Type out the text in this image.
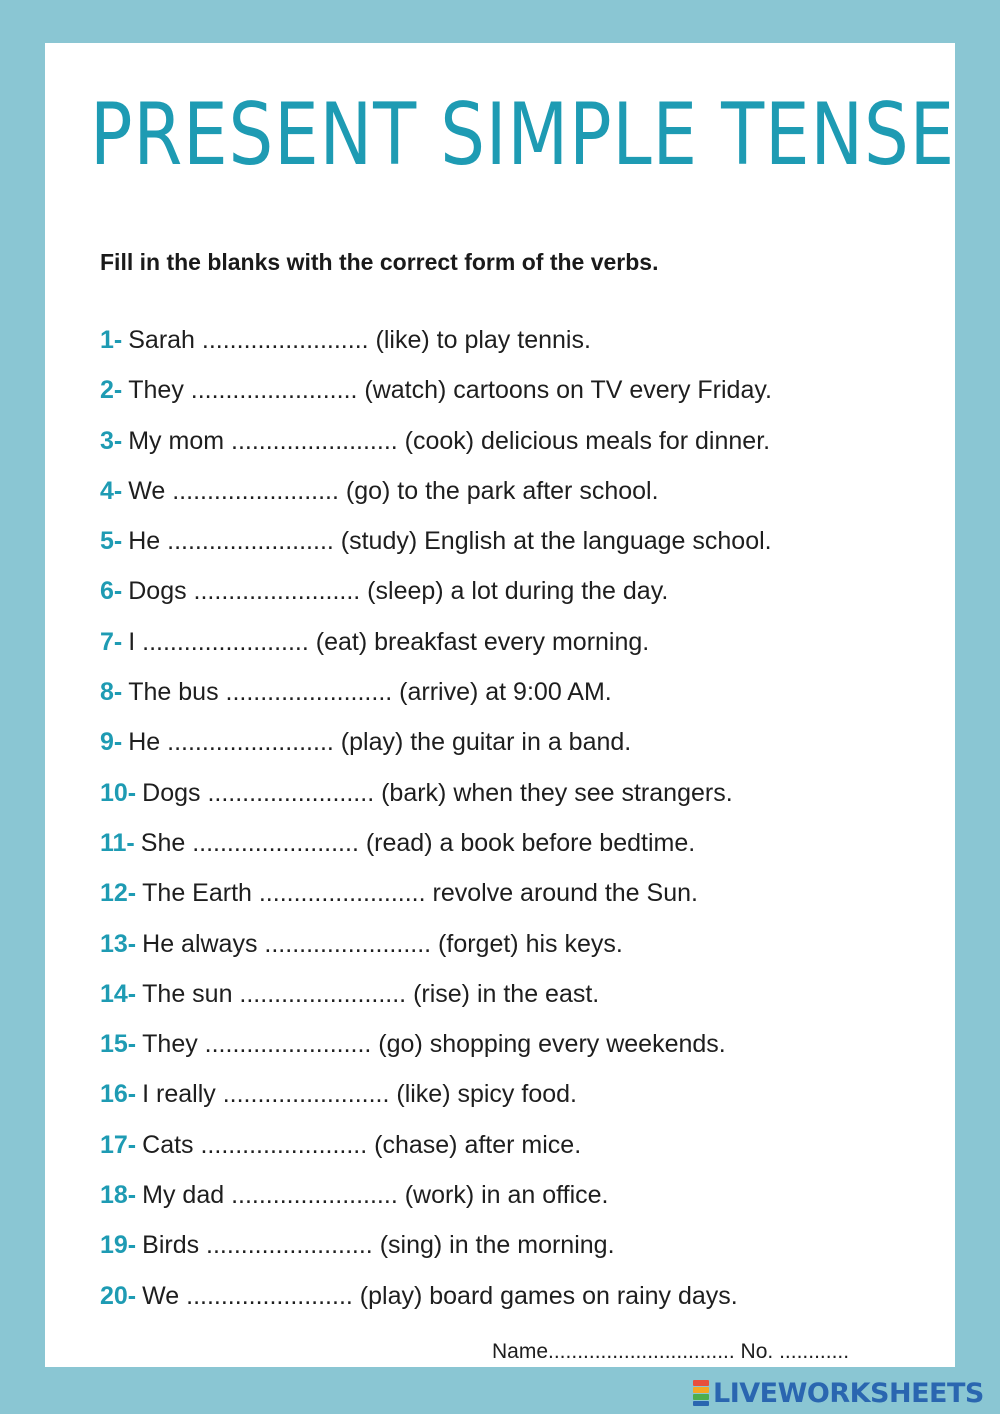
PRESENT SIMPLE TENSE
Fill in the blanks with the correct form of the verbs.
1- Sarah ........................ (like) to play tennis.
2- They ........................ (watch) cartoons on TV every Friday.
3- My mom ........................ (cook) delicious meals for dinner.
4- We ........................ (go) to the park after school.
5- He ........................ (study) English at the language school.
6- Dogs ........................ (sleep) a lot during the day.
7- I ........................ (eat) breakfast every morning.
8- The bus ........................ (arrive) at 9:00 AM.
9- He ........................ (play) the guitar in a band.
10- Dogs ........................ (bark) when they see strangers.
11- She ........................ (read) a book before bedtime.
12- The Earth ........................ revolve around the Sun.
13- He always ........................ (forget) his keys.
14- The sun ........................ (rise) in the east.
15- They ........................ (go) shopping every weekends.
16- I really ........................ (like) spicy food.
17- Cats ........................ (chase) after mice.
18- My dad ........................ (work) in an office.
19- Birds ........................ (sing) in the morning.
20- We ........................ (play) board games on rainy days.
Name................................ No. ............
LIVEWORKSHEETS
